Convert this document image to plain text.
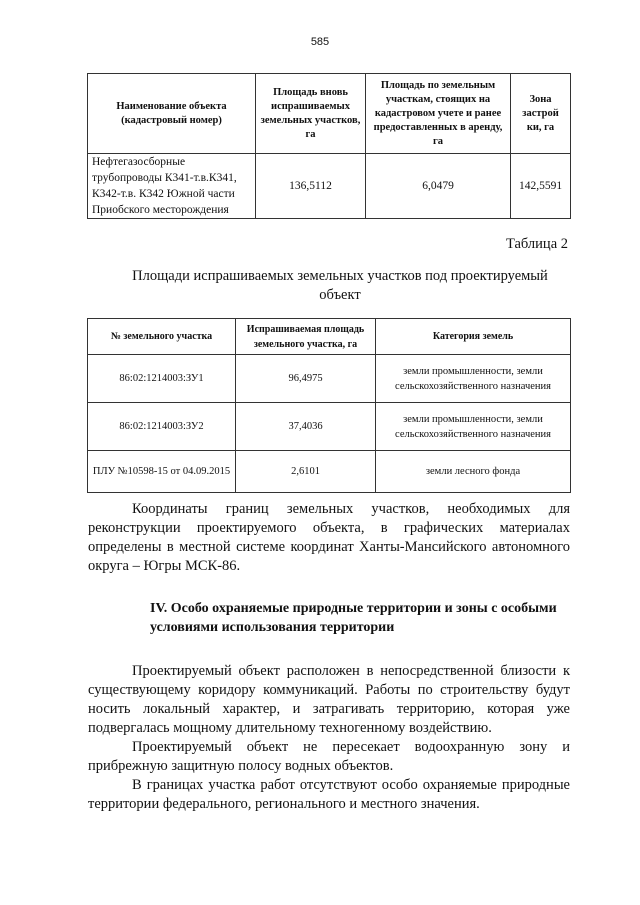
585
Наименование объекта (кадастровый номер)	Площадь вновь испрашиваемых земельных участков, га	Площадь по земельным участкам, стоящих на кадастровом учете и ранее предоставленных в аренду, га	Зона застрой ки, га
Нефтегазосборные трубопроводы К341-т.в.К341, К342-т.в. К342 Южной части Приобского месторождения	136,5112	6,0479	142,5591
Таблица 2
Площади испрашиваемых земельных участков под проектируемый объект
№ земельного участка	Испрашиваемая площадь земельного участка, га	Категория земель
86:02:1214003:ЗУ1	96,4975	земли промышленности, земли сельскохозяйственного назначения
86:02:1214003:ЗУ2	37,4036	земли промышленности, земли сельскохозяйственного назначения
ПЛУ №10598-15 от 04.09.2015	2,6101	земли лесного фонда

Координаты границ земельных участков, необходимых для реконструкции проектируемого объекта, в графических материалах определены в местной системе координат Ханты-Мансийского автономного округа – Югры МСК-86.

IV. Особо охраняемые природные территории и зоны с особыми условиями использования территории

Проектируемый объект расположен в непосредственной близости к существующему коридору коммуникаций. Работы по строительству будут носить локальный характер, и затрагивать территорию, которая уже подвергалась мощному длительному техногенному воздействию.

Проектируемый объект не пересекает водоохранную зону и прибрежную защитную полосу водных объектов.

В границах участка работ отсутствуют особо охраняемые природные территории федерального, регионального и местного значения.
